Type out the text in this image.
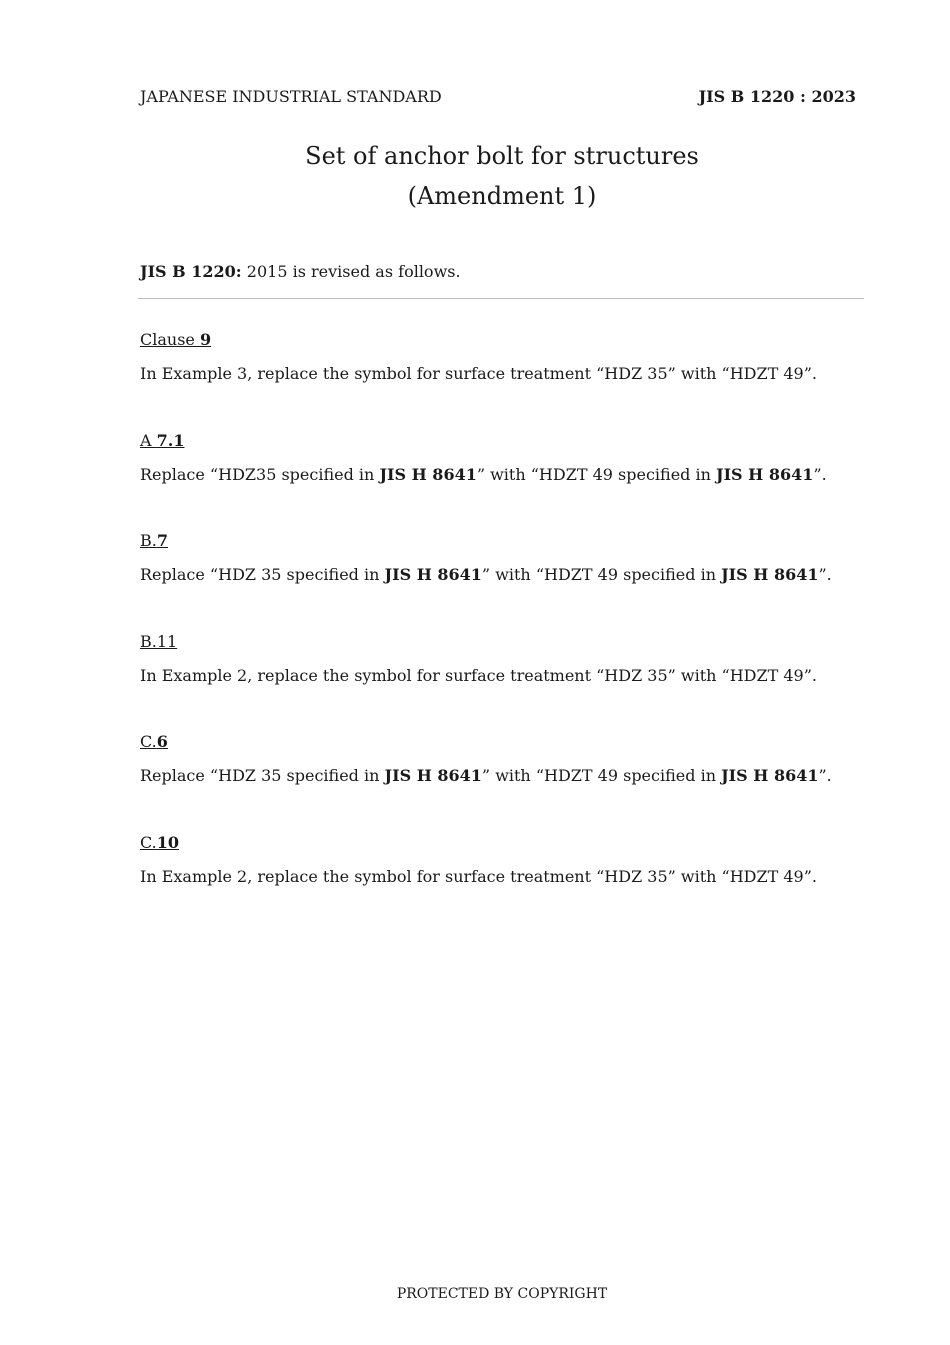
JAPANESE INDUSTRIAL STANDARD	JIS B 1220 : 2023
Set of anchor bolt for structures
(Amendment 1)
JIS B 1220: 2015 is revised as follows.
Clause 9
In Example 3, replace the symbol for surface treatment “HDZ 35” with “HDZT 49”.
A 7.1
Replace “HDZ35 specified in JIS H 8641” with “HDZT 49 specified in JIS H 8641”.
B.7
Replace “HDZ 35 specified in JIS H 8641” with “HDZT 49 specified in JIS H 8641”.
B.11
In Example 2, replace the symbol for surface treatment “HDZ 35” with “HDZT 49”.
C.6
Replace “HDZ 35 specified in JIS H 8641” with “HDZT 49 specified in JIS H 8641”.
C.10
In Example 2, replace the symbol for surface treatment “HDZ 35” with “HDZT 49”.
PROTECTED BY COPYRIGHT
